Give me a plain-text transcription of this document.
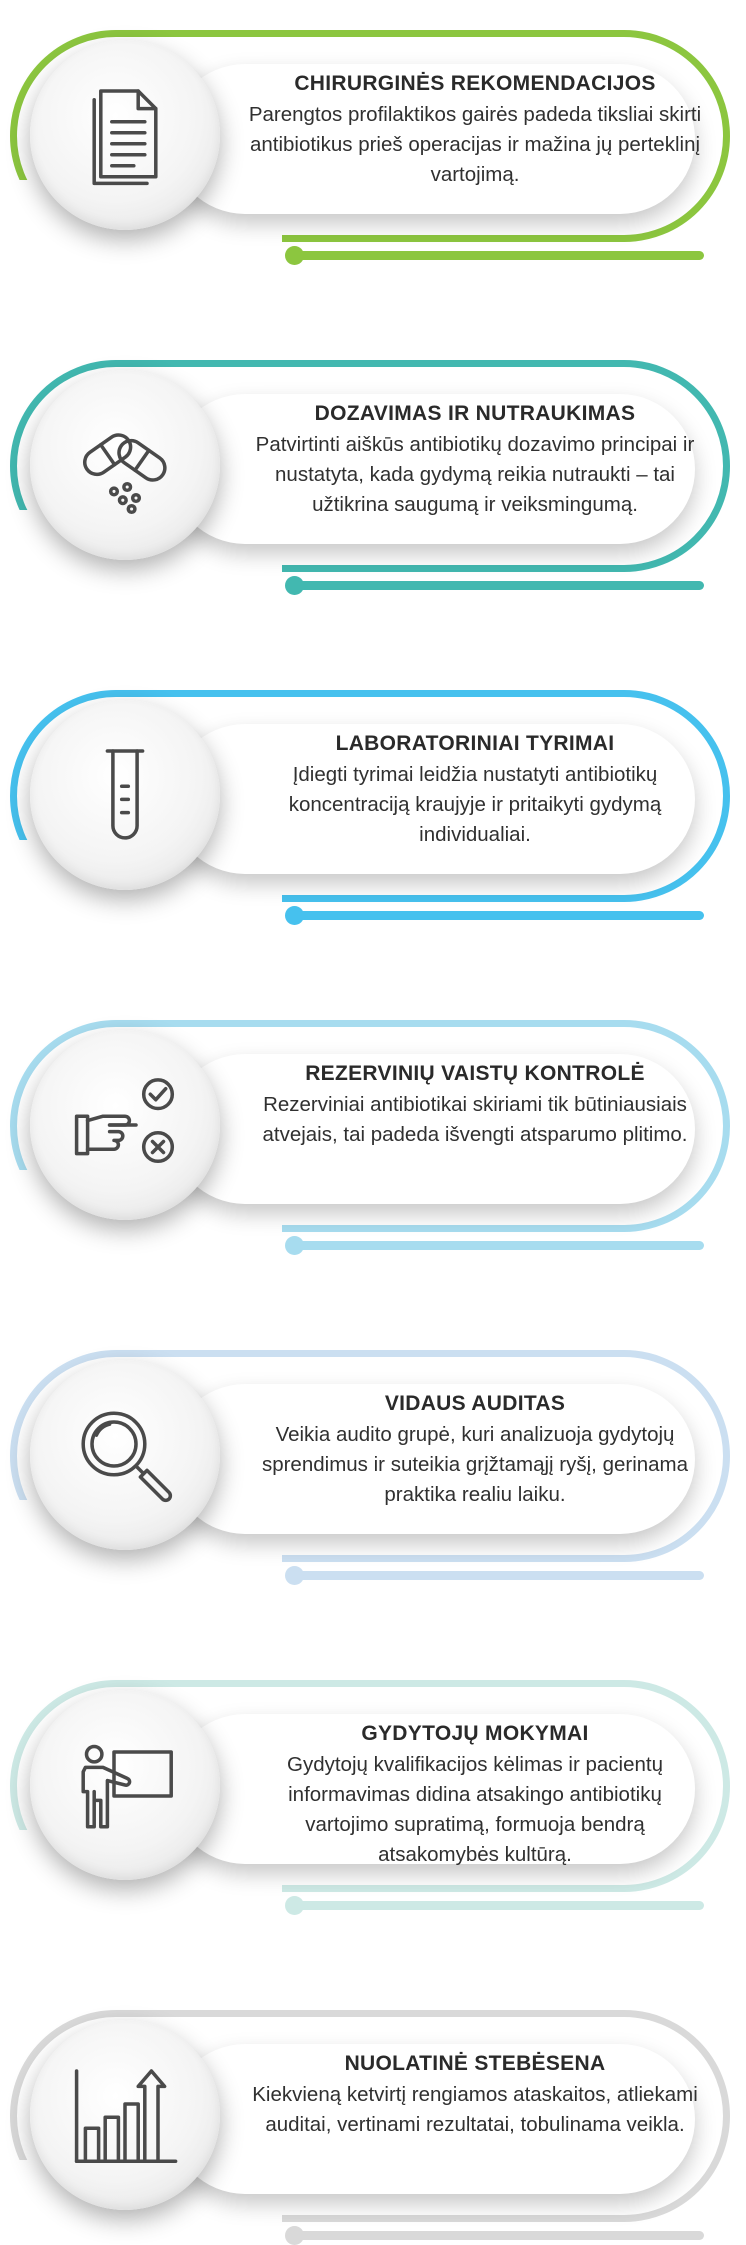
CHIRURGINĖS REKOMENDACIJOS
Parengtos profilaktikos gairės padeda tiksliai skirti antibiotikus prieš operacijas ir mažina jų perteklinį vartojimą.
DOZAVIMAS IR NUTRAUKIMAS
Patvirtinti aiškūs antibiotikų dozavimo principai ir nustatyta, kada gydymą reikia nutraukti – tai užtikrina saugumą ir veiksmingumą.
LABORATORINIAI TYRIMAI
Įdiegti tyrimai leidžia nustatyti antibiotikų koncentraciją kraujyje ir pritaikyti gydymą individualiai.
REZERVINIŲ VAISTŲ KONTROLĖ
Rezerviniai antibiotikai skiriami tik būtiniausiais atvejais, tai padeda išvengti atsparumo plitimo.
VIDAUS AUDITAS
Veikia audito grupė, kuri analizuoja gydytojų sprendimus ir suteikia grįžtamąjį ryšį, gerinama praktika realiu laiku.
GYDYTOJŲ MOKYMAI
Gydytojų kvalifikacijos kėlimas ir pacientų informavimas didina atsakingo antibiotikų vartojimo supratimą, formuoja bendrą atsakomybės kultūrą.
NUOLATINĖ STEBĖSENA
Kiekvieną ketvirtį rengiamos ataskaitos, atliekami auditai, vertinami rezultatai, tobulinama veikla.
